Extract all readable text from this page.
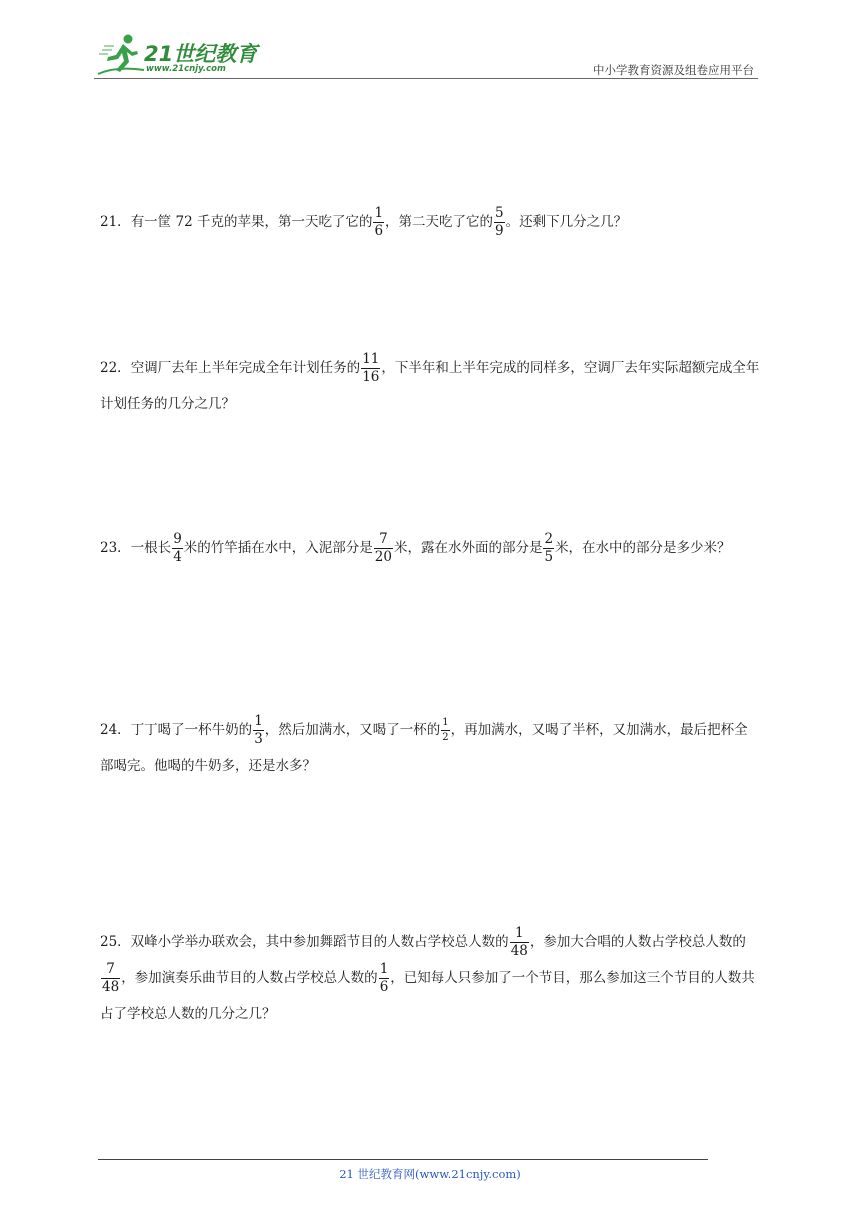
21世纪教育
www.21cnjy.com	中小学教育资源及组卷应用平台
21．有一筐 72 千克的苹果，第一天吃了它的 $\frac{1}{6}$ ，第二天吃了它的 $\frac{5}{9}$ 。还剩下几分之几？
22．空调厂去年上半年完成全年计划任务的 $\frac{11}{16}$ ，下半年和上半年完成的同样多，空调厂去年实际超额完成全年计划任务的几分之几？
23．一根长 $\frac{9}{4}$ 米的竹竿插在水中，入泥部分是 $\frac{7}{20}$ 米，露在水外面的部分是 $\frac{2}{5}$ 米，在水中的部分是多少米？
24．丁丁喝了一杯牛奶的 $\frac{1}{3}$ ，然后加满水，又喝了一杯的 $\frac{1}{2}$ ，再加满水，又喝了半杯，又加满水，最后把杯全部喝完。他喝的牛奶多，还是水多？
25．双峰小学举办联欢会，其中参加舞蹈节目的人数占学校总人数的 $\frac{1}{48}$ ，参加大合唱的人数占学校总人数的
$\frac{7}{48}$ ，参加演奏乐曲节目的人数占学校总人数的 $\frac{1}{6}$ ，已知每人只参加了一个节目，那么参加这三个节目的人数共占了学校总人数的几分之几？
21 世纪教育网(www.21cnjy.com)
